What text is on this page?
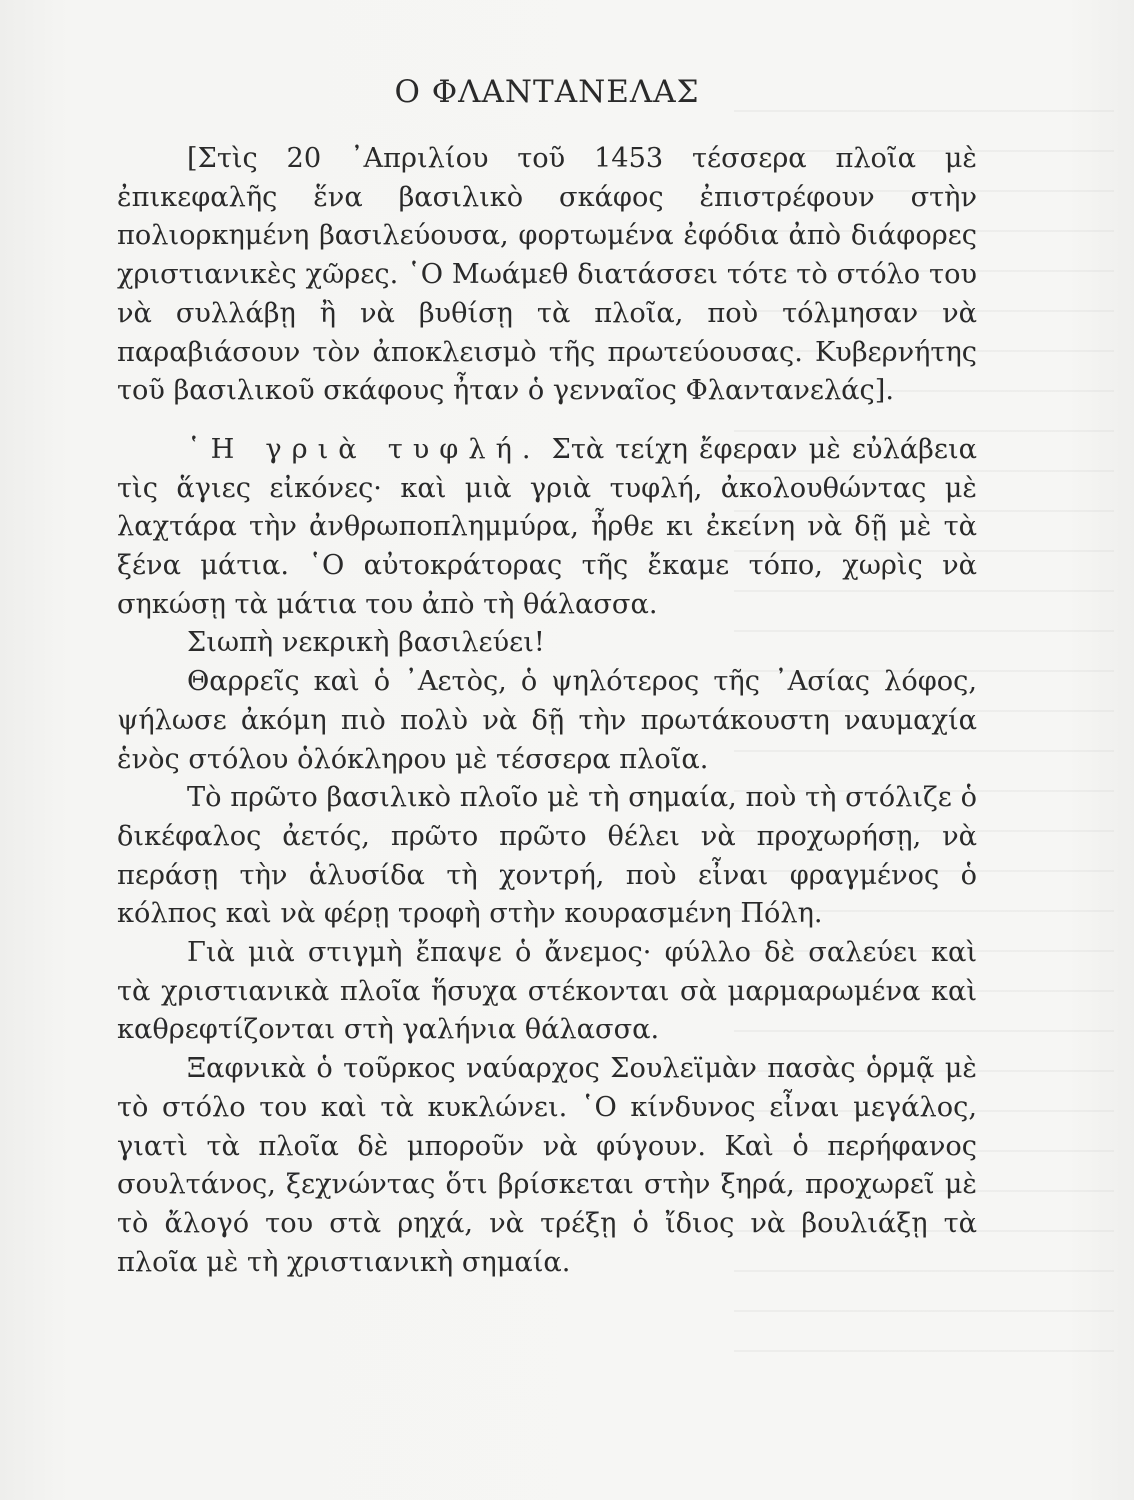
Ο ΦΛΑΝΤΑΝΕΛΑΣ

[Στὶς 20 ᾿Απριλίου τοῦ 1453 τέσσερα πλοῖα μὲ ἐπικεφαλῆς ἕνα βασιλικὸ σκάφος ἐπιστρέφουν στὴν πολιορκημένη βασιλεύουσα, φορτωμένα ἐφόδια ἀπὸ διάφορες χριστιανικὲς χῶρες. ῾Ο Μωάμεθ διατάσσει τότε τὸ στόλο του νὰ συλλάβῃ ἢ νὰ βυθίσῃ τὰ πλοῖα, ποὺ τόλμησαν νὰ παραβιάσουν τὸν ἀποκλεισμὸ τῆς πρωτεύουσας. Κυβερνήτης τοῦ βασιλικοῦ σκάφους ἦταν ὁ γενναῖος Φλαντανελάς].

῾Η γριὰ τυφλή. Στὰ τείχη ἔφεραν μὲ εὐλάβεια τὶς ἅγιες εἰκόνες· καὶ μιὰ γριὰ τυφλή, ἀκολουθώντας μὲ λαχτάρα τὴν ἀνθρωποπλημμύρα, ἦρθε κι ἐκείνη νὰ δῇ μὲ τὰ ξένα μάτια. ῾Ο αὐτοκράτορας τῆς ἔκαμε τόπο, χωρὶς νὰ σηκώσῃ τὰ μάτια του ἀπὸ τὴ θάλασσα.

Σιωπὴ νεκρικὴ βασιλεύει!

Θαρρεῖς καὶ ὁ ᾿Αετὸς, ὁ ψηλότερος τῆς ᾿Ασίας λόφος, ψήλωσε ἀκόμη πιὸ πολὺ νὰ δῇ τὴν πρωτάκουστη ναυμαχία ἑνὸς στόλου ὁλόκληρου μὲ τέσσερα πλοῖα.

Τὸ πρῶτο βασιλικὸ πλοῖο μὲ τὴ σημαία, ποὺ τὴ στόλιζε ὁ δικέφαλος ἀετός, πρῶτο πρῶτο θέλει νὰ προχωρήσῃ, νὰ περάσῃ τὴν ἁλυσίδα τὴ χοντρή, ποὺ εἶναι φραγμένος ὁ κόλπος καὶ νὰ φέρῃ τροφὴ στὴν κουρασμένη Πόλη.

Γιὰ μιὰ στιγμὴ ἔπαψε ὁ ἄνεμος· φύλλο δὲ σαλεύει καὶ τὰ χριστιανικὰ πλοῖα ἥσυχα στέκονται σὰ μαρμαρωμένα καὶ καθρεφτίζονται στὴ γαλήνια θάλασσα.

Ξαφνικὰ ὁ τοῦρκος ναύαρχος Σουλεϊμὰν πασὰς ὁρμᾷ μὲ τὸ στόλο του καὶ τὰ κυκλώνει. ῾Ο κίνδυνος εἶναι μεγάλος, γιατὶ τὰ πλοῖα δὲ μποροῦν νὰ φύγουν. Καὶ ὁ περήφανος σουλτάνος, ξεχνώντας ὅτι βρίσκεται στὴν ξηρά, προχωρεῖ μὲ τὸ ἄλογό του στὰ ρηχά, νὰ τρέξῃ ὁ ἴδιος νὰ βουλιάξῃ τὰ πλοῖα μὲ τὴ χριστιανικὴ σημαία.
